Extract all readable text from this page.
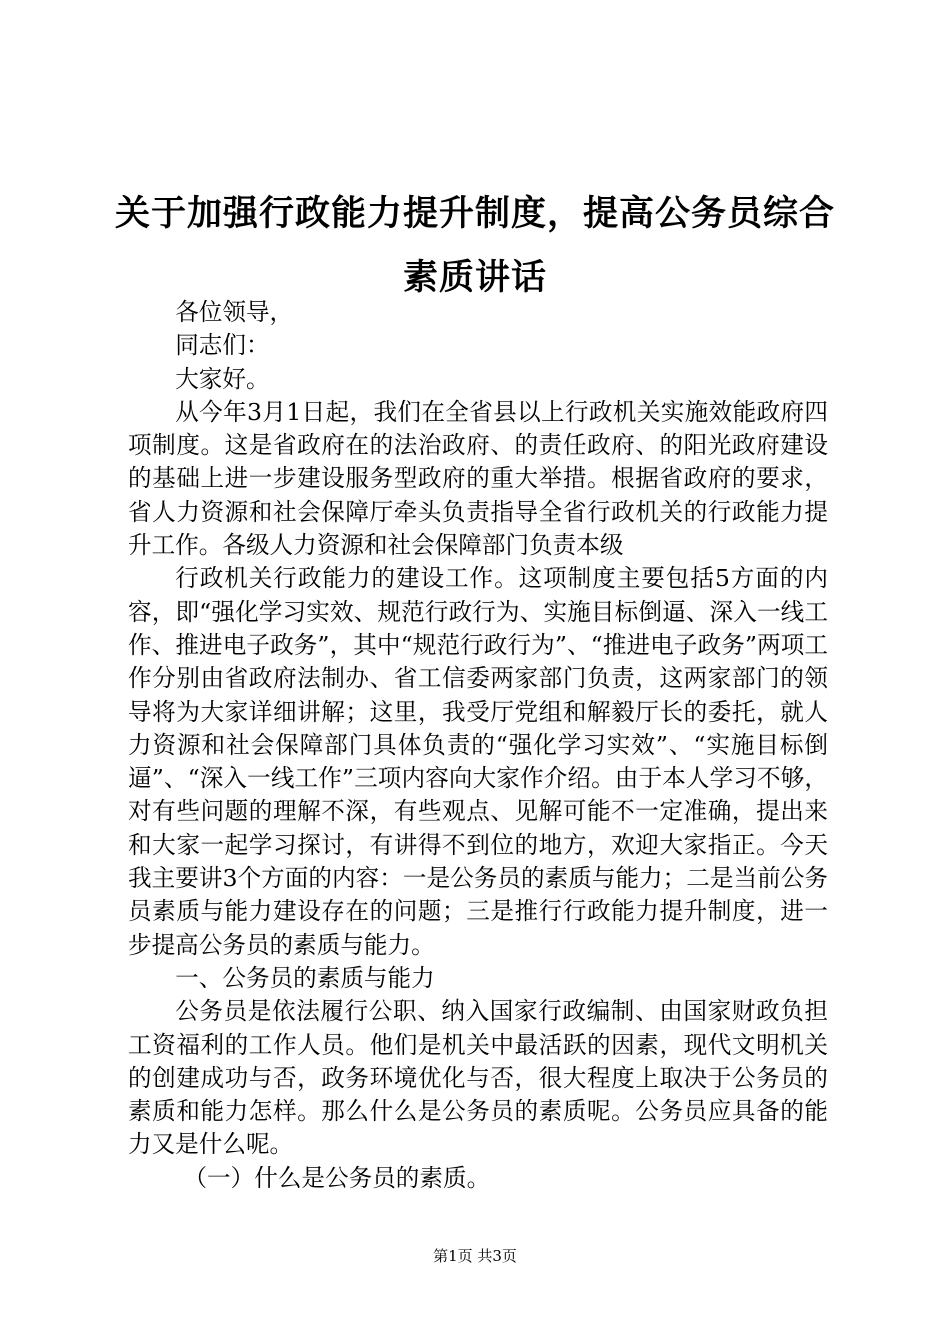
关于加强行政能力提升制度，提高公务员综合
素质讲话

各位领导，

同志们：

大家好。

从今年3月1日起，我们在全省县以上行政机关实施效能政府四项制度。这是省政府在的法治政府、的责任政府、的阳光政府建设的基础上进一步建设服务型政府的重大举措。根据省政府的要求，省人力资源和社会保障厅牵头负责指导全省行政机关的行政能力提升工作。各级人力资源和社会保障部门负责本级

行政机关行政能力的建设工作。这项制度主要包括5方面的内容，即“强化学习实效、规范行政行为、实施目标倒逼、深入一线工作、推进电子政务”，其中“规范行政行为”、“推进电子政务”两项工作分别由省政府法制办、省工信委两家部门负责，这两家部门的领导将为大家详细讲解；这里，我受厅党组和解毅厅长的委托，就人力资源和社会保障部门具体负责的“强化学习实效”、“实施目标倒逼”、“深入一线工作”三项内容向大家作介绍。由于本人学习不够，对有些问题的理解不深，有些观点、见解可能不一定准确，提出来和大家一起学习探讨，有讲得不到位的地方，欢迎大家指正。今天我主要讲3个方面的内容：一是公务员的素质与能力；二是当前公务员素质与能力建设存在的问题；三是推行行政能力提升制度，进一步提高公务员的素质与能力。

一、公务员的素质与能力

公务员是依法履行公职、纳入国家行政编制、由国家财政负担工资福利的工作人员。他们是机关中最活跃的因素，现代文明机关的创建成功与否，政务环境优化与否，很大程度上取决于公务员的素质和能力怎样。那么什么是公务员的素质呢。公务员应具备的能力又是什么呢。

（一）什么是公务员的素质。

第1页 共3页
